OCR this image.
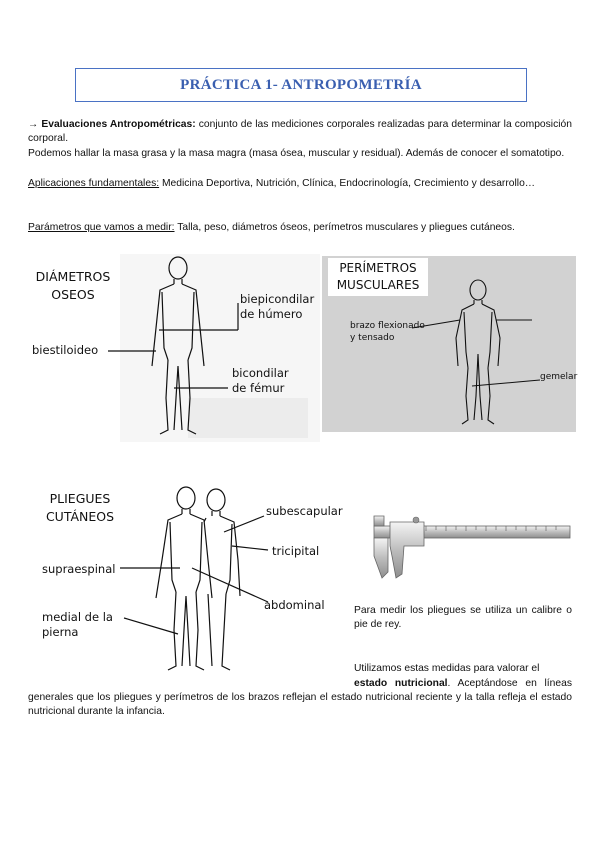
PRÁCTICA 1- ANTROPOMETRÍA

→ Evaluaciones Antropométricas: conjunto de las mediciones corporales realizadas para determinar la composición corporal.

Podemos hallar la masa grasa y la masa magra (masa ósea, muscular y residual). Además de conocer el somatotipo.

Aplicaciones fundamentales: Medicina Deportiva, Nutrición, Clínica, Endocrinología, Crecimiento y desarrollo…

Parámetros que vamos a medir: Talla, peso, diámetros óseos, perímetros musculares y pliegues cutáneos.

DIÁMETROS
OSEOS	biepicondilar
de húmero
biestiloideo
bicondilar
de fémur
PERÍMETROS
MUSCULARES
brazo flexionado
y tensado
gemelar
PLIEGUES
CUTÁNEOS	subescapular
tricipital
supraespinal
abdominal
medial de la
pierna

Para medir los pliegues se utiliza un calibre o pie de rey.

Utilizamos estas medidas para valorar el

estado nutricional. Aceptándose en líneas generales que los pliegues y perímetros de los brazos reflejan el estado nutricional reciente y la talla refleja el estado nutricional durante la infancia.
